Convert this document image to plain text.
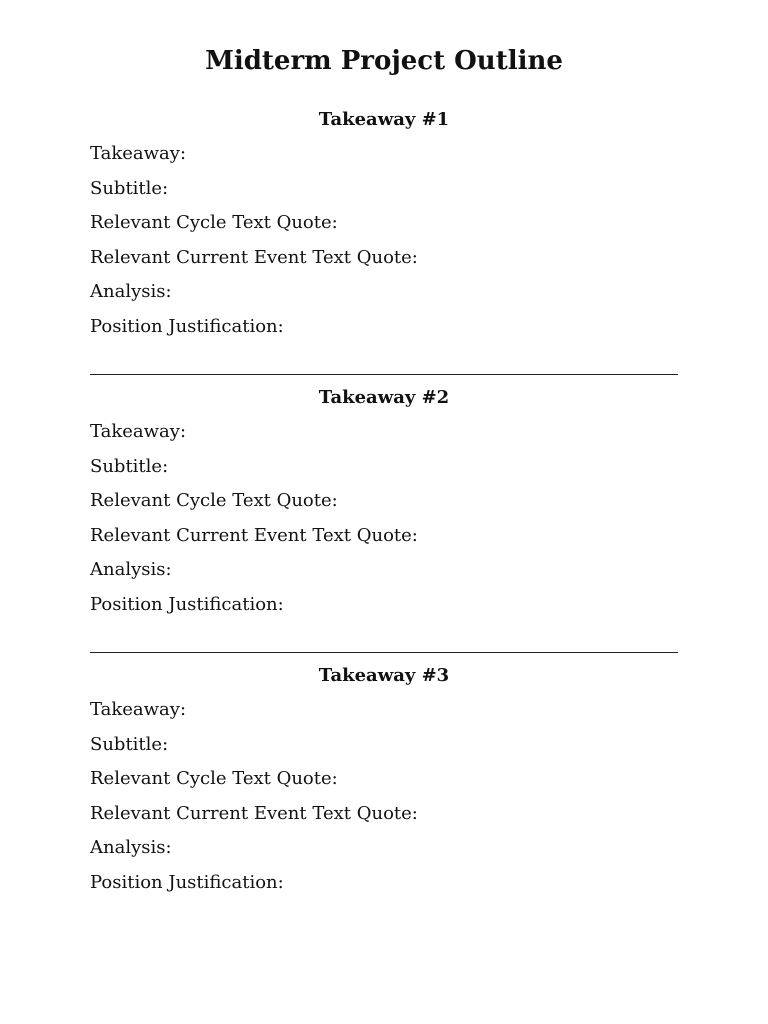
Midterm Project Outline
Takeaway #1
Takeaway:
Subtitle:
Relevant Cycle Text Quote:
Relevant Current Event Text Quote:
Analysis:
Position Justification:
Takeaway #2
Takeaway:
Subtitle:
Relevant Cycle Text Quote:
Relevant Current Event Text Quote:
Analysis:
Position Justification:
Takeaway #3
Takeaway:
Subtitle:
Relevant Cycle Text Quote:
Relevant Current Event Text Quote:
Analysis:
Position Justification:
